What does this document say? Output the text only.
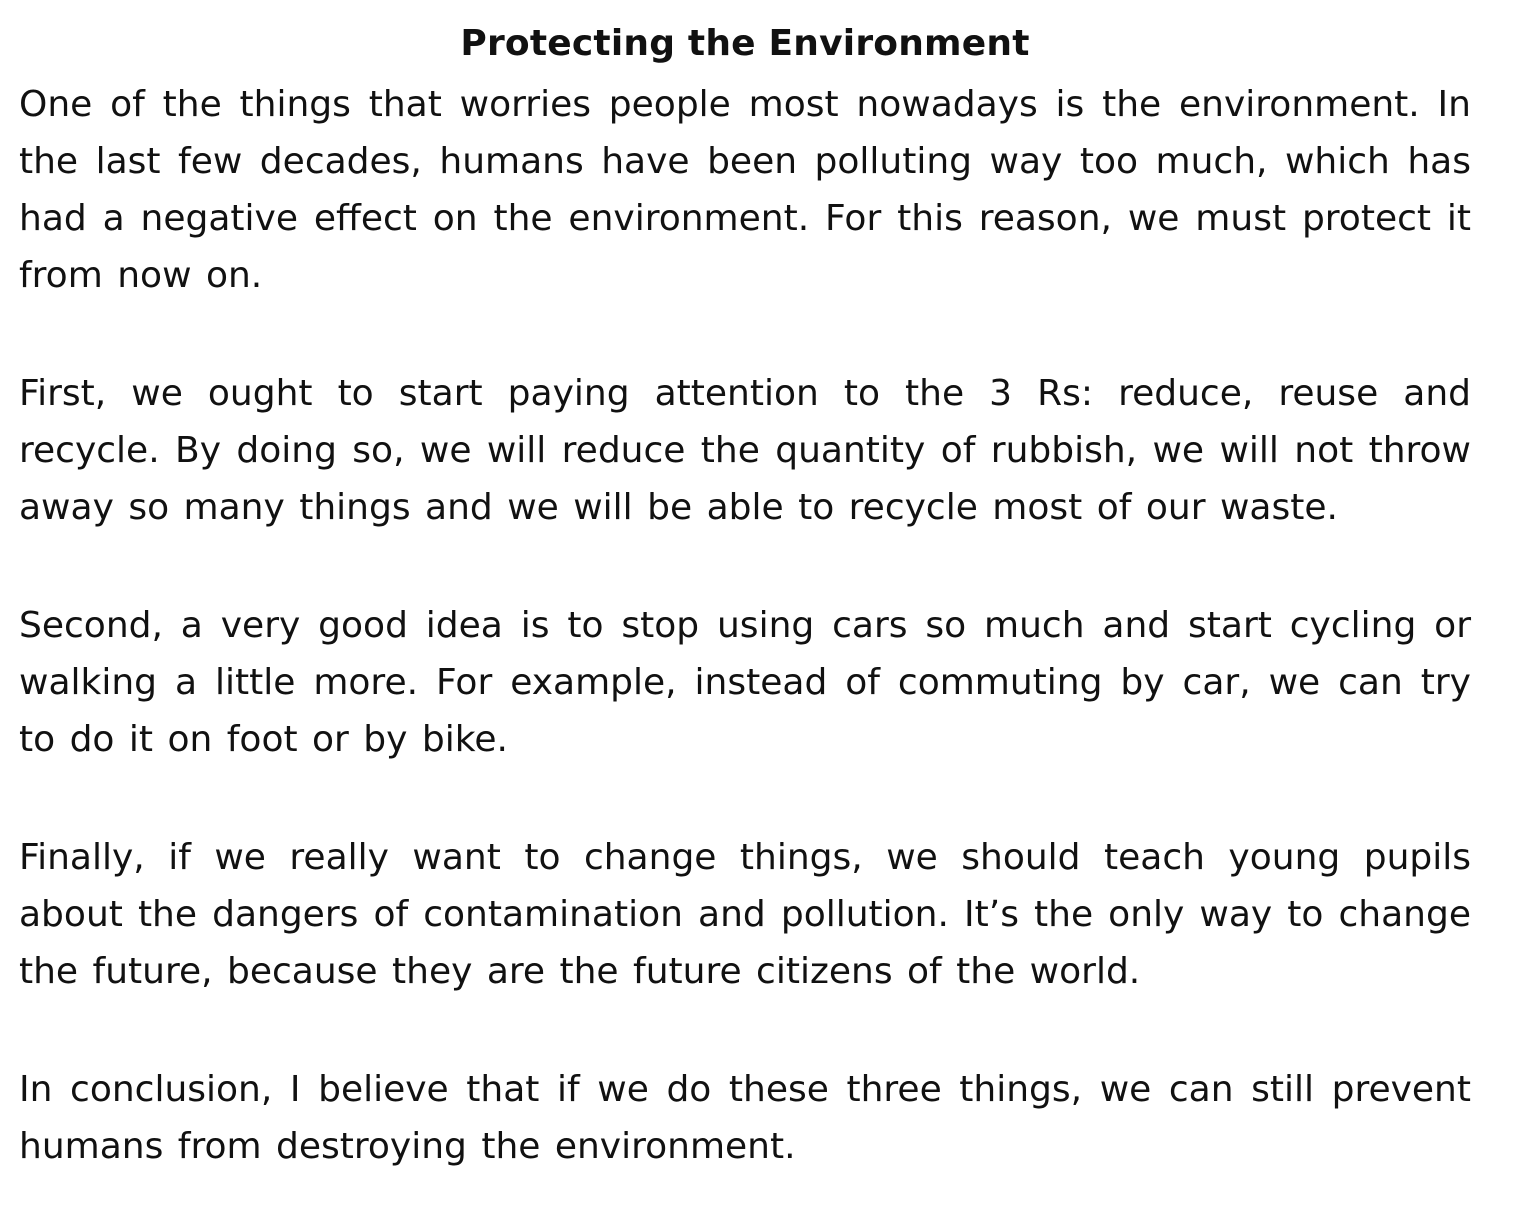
Protecting the Environment

One of the things that worries people most nowadays is the environment. In the last few decades, humans have been polluting way too much, which has had a negative effect on the environment. For this reason, we must protect it from now on.

First, we ought to start paying attention to the 3 Rs: reduce, reuse and recycle. By doing so, we will reduce the quantity of rubbish, we will not throw away so many things and we will be able to recycle most of our waste.

Second, a very good idea is to stop using cars so much and start cycling or walking a little more. For example, instead of commuting by car, we can try to do it on foot or by bike.

Finally, if we really want to change things, we should teach young pupils about the dangers of contamination and pollution. It’s the only way to change the future, because they are the future citizens of the world.

In conclusion, I believe that if we do these three things, we can still prevent humans from destroying the environment.
